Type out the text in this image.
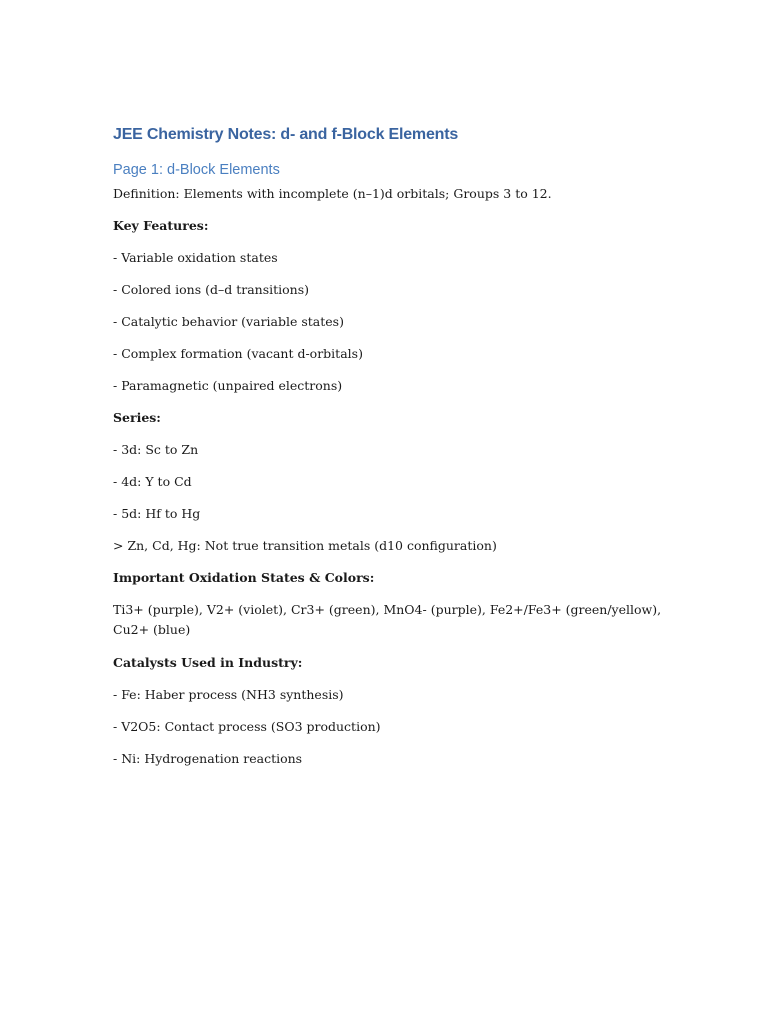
JEE Chemistry Notes: d- and f-Block Elements
Page 1: d-Block Elements

Definition: Elements with incomplete (n–1)d orbitals; Groups 3 to 12.

Key Features:

- Variable oxidation states

- Colored ions (d–d transitions)

- Catalytic behavior (variable states)

- Complex formation (vacant d-orbitals)

- Paramagnetic (unpaired electrons)

Series:

- 3d: Sc to Zn

- 4d: Y to Cd

- 5d: Hf to Hg

> Zn, Cd, Hg: Not true transition metals (d10 configuration)

Important Oxidation States & Colors:

Ti3+ (purple), V2+ (violet), Cr3+ (green), MnO4- (purple), Fe2+/Fe3+ (green/yellow), Cu2+ (blue)

Catalysts Used in Industry:

- Fe: Haber process (NH3 synthesis)

- V2O5: Contact process (SO3 production)

- Ni: Hydrogenation reactions
